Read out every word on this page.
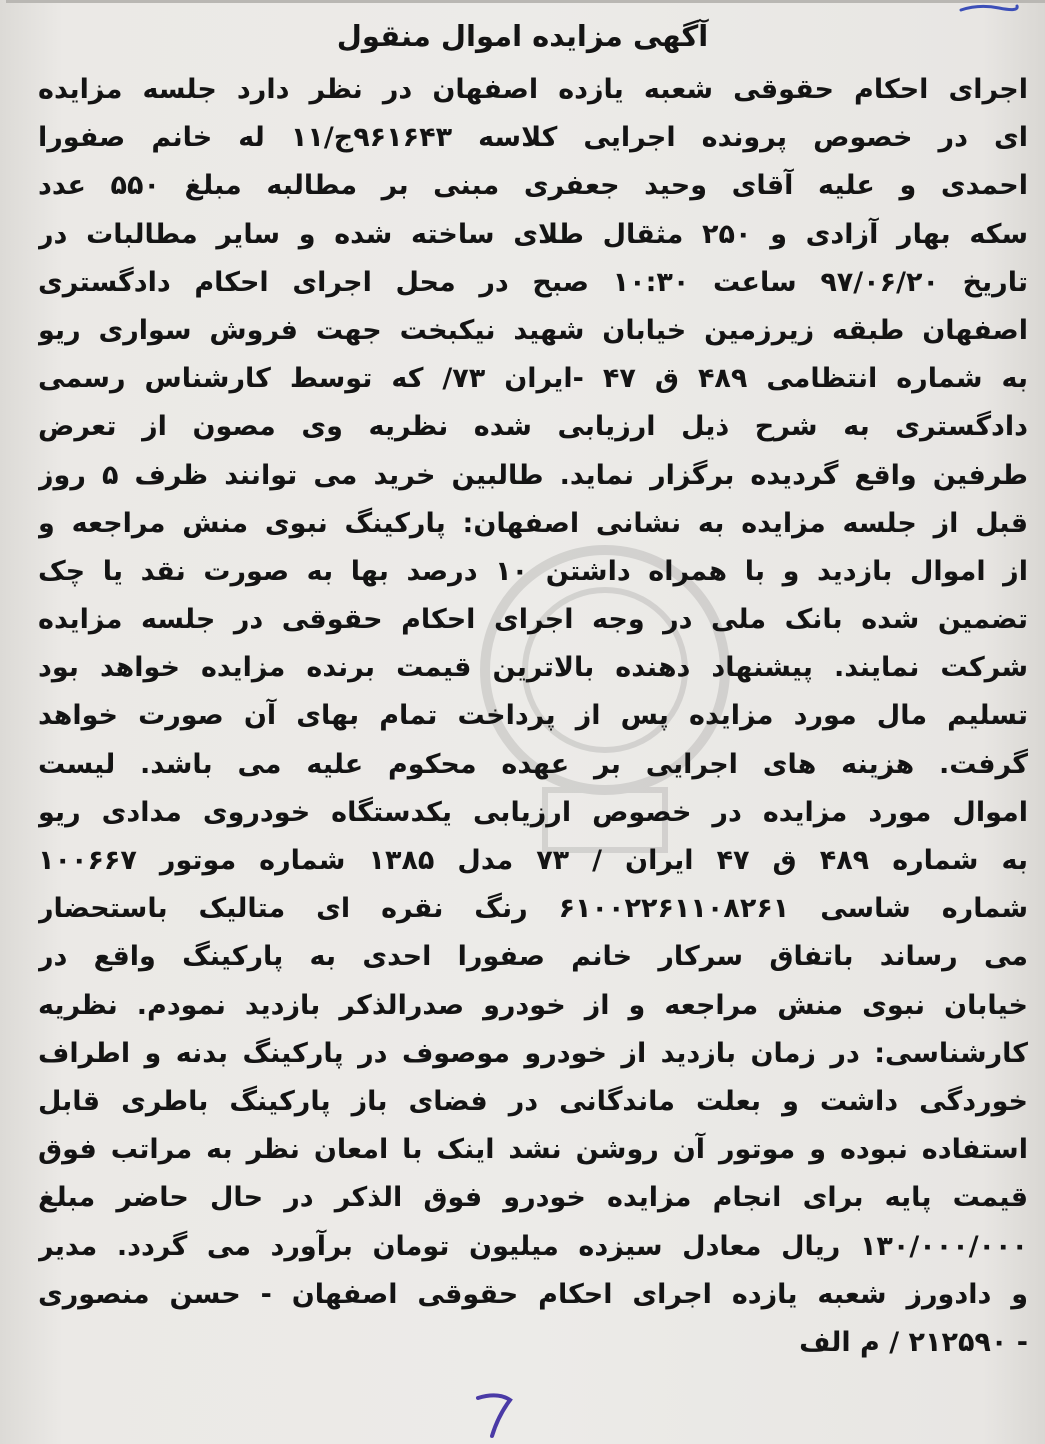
آگهی مزایده اموال منقول
اجرای احکام حقوقی شعبه یازده اصفهان در نظر دارد جلسه مزایده
ای در خصوص پرونده اجرایی کلاسه ۹۶۱۶۴۳ج/۱۱ له خانم صفورا
احمدی و علیه آقای وحید جعفری مبنی بر مطالبه مبلغ ۵۵۰ عدد
سکه بهار آزادی و ۲۵۰ مثقال طلای ساخته شده و سایر مطالبات در
تاریخ ۹۷/۰۶/۲۰ ساعت ۱۰:۳۰ صبح در محل اجرای احکام دادگستری
اصفهان طبقه زیرزمین خیابان شهید نیکبخت جهت فروش سواری ریو
به شماره انتظامی ۴۸۹ ق ۴۷ -ایران ۷۳/ که توسط کارشناس رسمی
دادگستری به شرح ذیل ارزیابی شده نظریه وی مصون از تعرض
طرفین واقع گردیده برگزار نماید. طالبین خرید می توانند ظرف ۵ روز
قبل از جلسه مزایده به نشانی اصفهان: پارکینگ نبوی منش مراجعه و
از اموال بازدید و با همراه داشتن ۱۰ درصد بها به صورت نقد یا چک
تضمین شده بانک ملی در وجه اجرای احکام حقوقی در جلسه مزایده
شرکت نمایند. پیشنهاد دهنده بالاترین قیمت برنده مزایده خواهد بود
تسلیم مال مورد مزایده پس از پرداخت تمام بهای آن صورت خواهد
گرفت. هزینه های اجرایی بر عهده محکوم علیه می باشد. لیست
اموال مورد مزایده در خصوص ارزیابی یکدستگاه خودروی مدادی ریو
به شماره ۴۸۹ ق ۴۷ ایران / ۷۳ مدل ۱۳۸۵ شماره موتور ۱۰۰۶۶۷
شماره شاسی ۶۱۰۰۲۲۶۱۱۰۸۲۶۱ رنگ نقره ای متالیک باستحضار
می رساند باتفاق سرکار خانم صفورا احدی به پارکینگ واقع در
خیابان نبوی منش مراجعه و از خودرو صدرالذکر بازدید نمودم. نظریه
کارشناسی: در زمان بازدید از خودرو موصوف در پارکینگ بدنه و اطراف
خوردگی داشت و بعلت ماندگانی در فضای باز پارکینگ باطری قابل
استفاده نبوده و موتور آن روشن نشد اینک با امعان نظر به مراتب فوق
قیمت پایه برای انجام مزایده خودرو فوق الذکر در حال حاضر مبلغ
۱۳۰/۰۰۰/۰۰۰ ریال معادل سیزده میلیون تومان برآورد می گردد. مدیر
و دادورز شعبه یازده اجرای احکام حقوقی اصفهان - حسن منصوری
- ۲۱۲۵۹۰ / م الف
